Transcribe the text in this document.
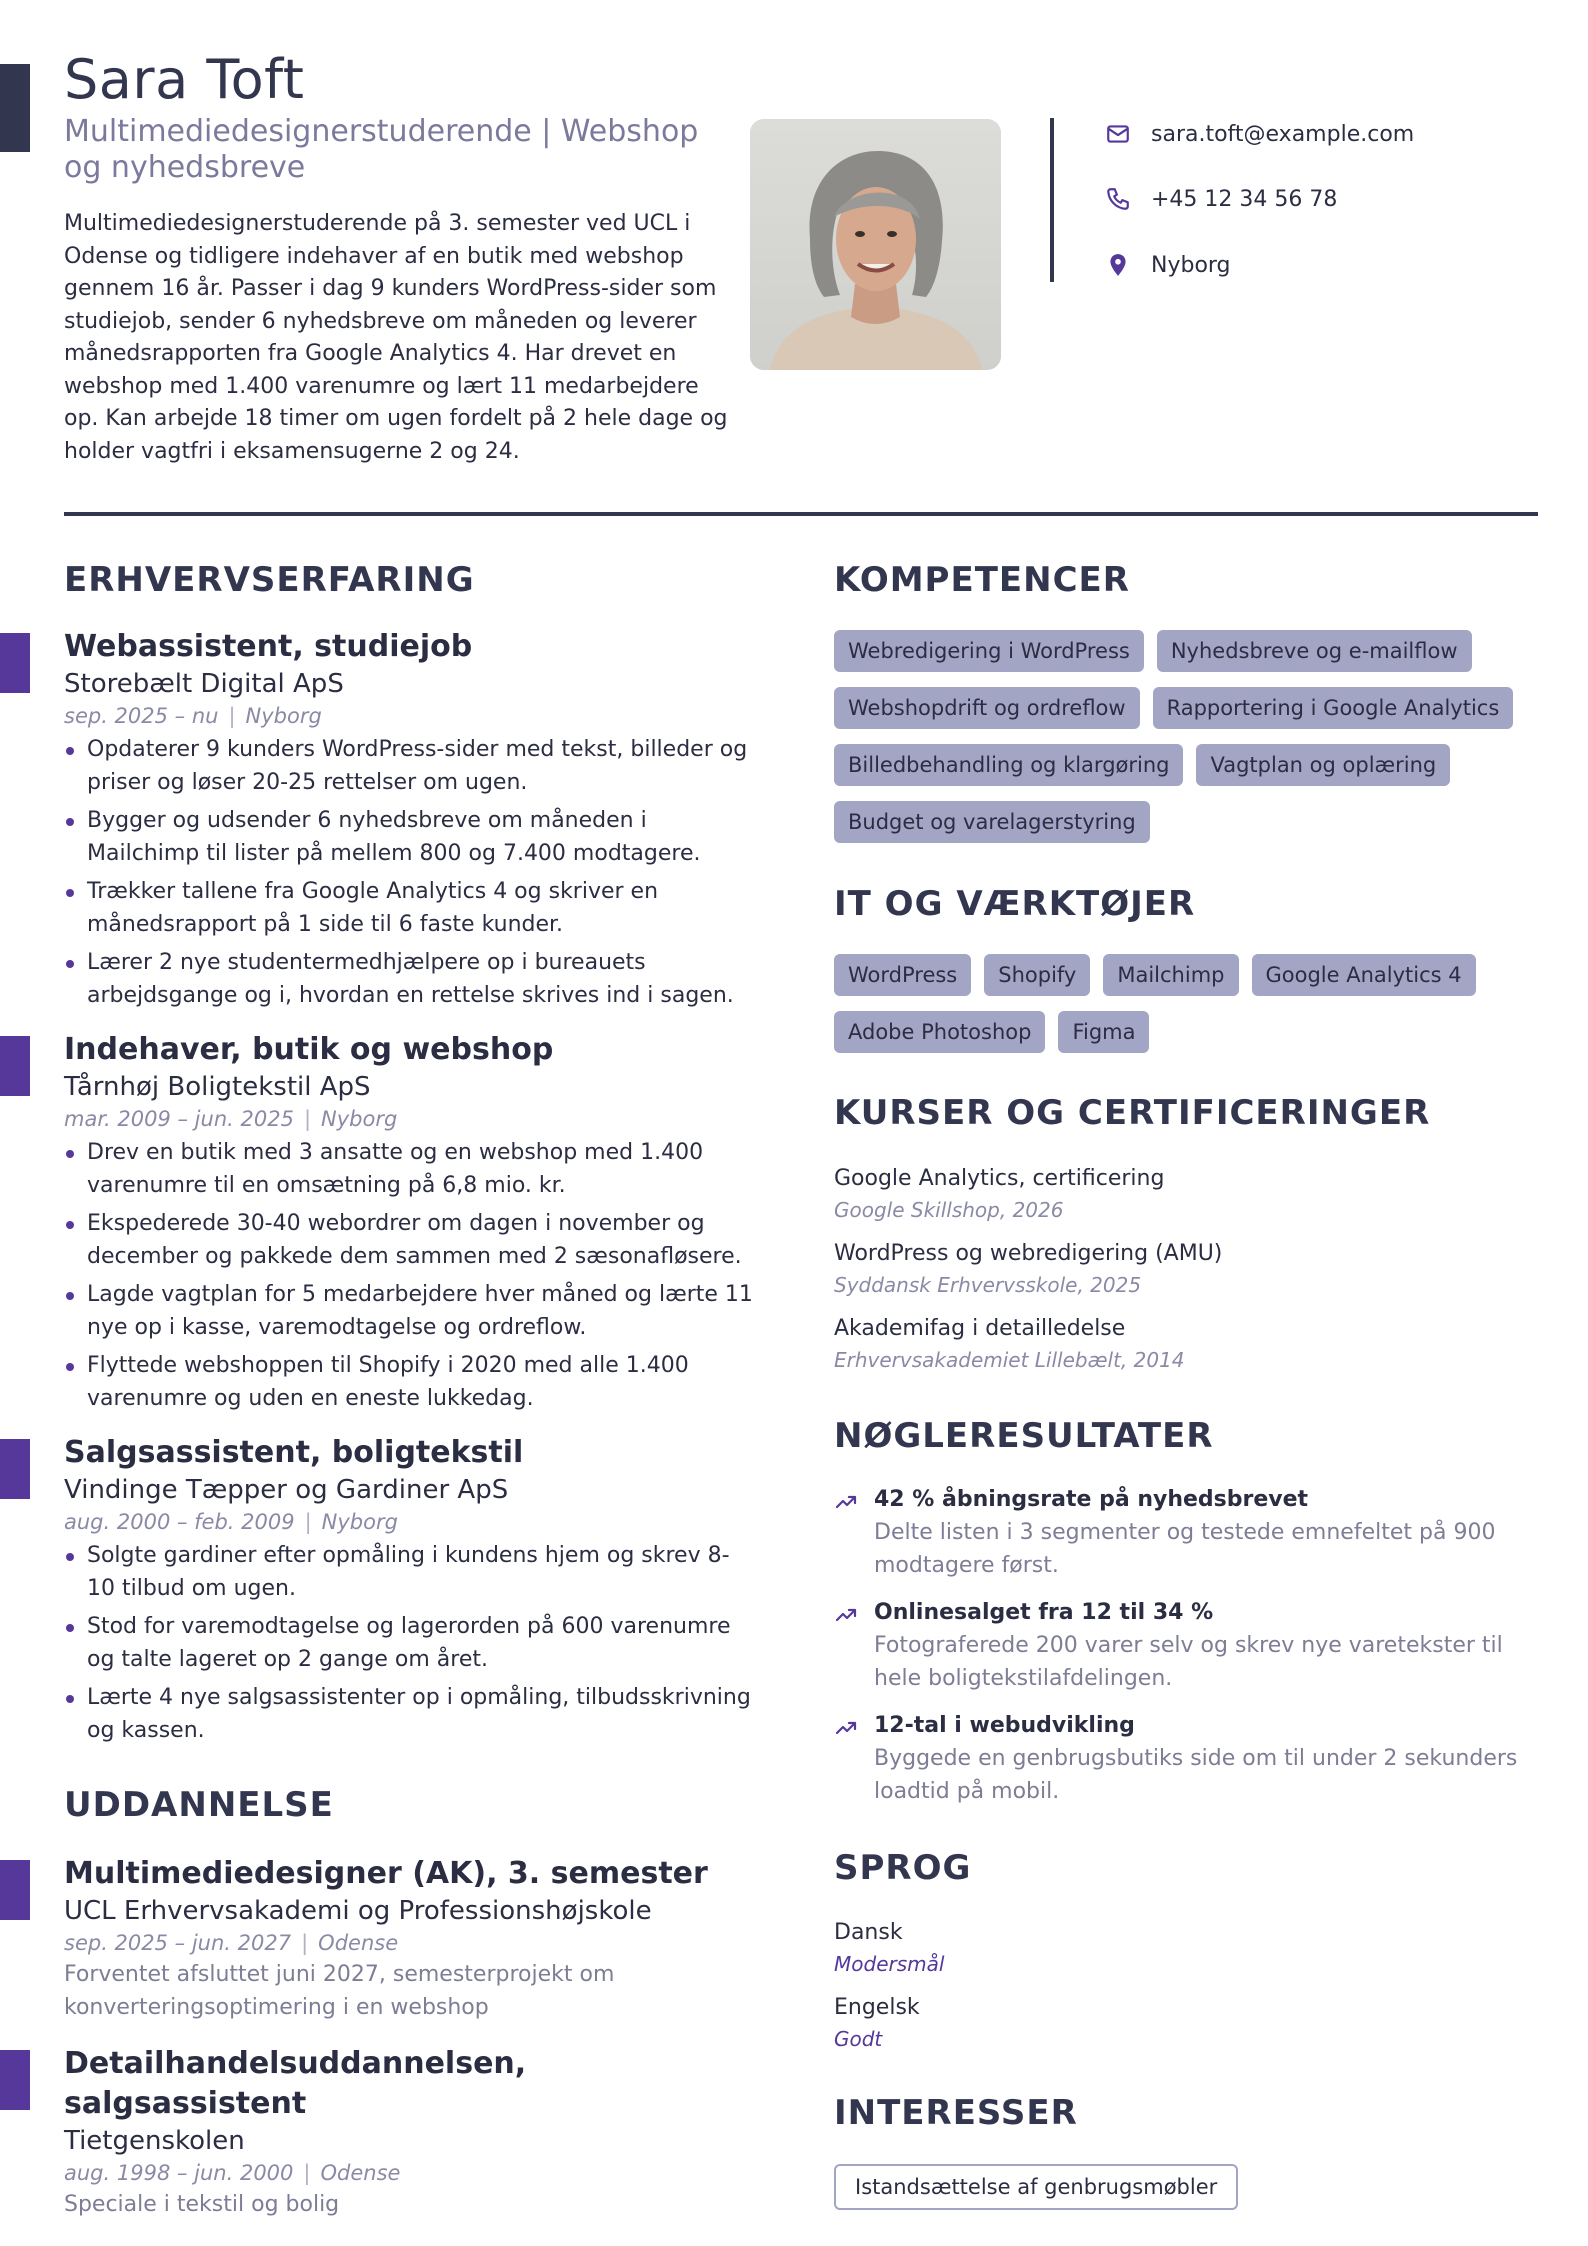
Sara Toft
Multimediedesignerstuderende | Webshop og nyhedsbreve

Multimediedesignerstuderende på 3. semester ved UCL i Odense og tidligere indehaver af en butik med webshop gennem 16 år. Passer i dag 9 kunders WordPress-sider som studiejob, sender 6 nyhedsbreve om måneden og leverer månedsrapporten fra Google Analytics 4. Har drevet en webshop med 1.400 varenumre og lært 11 medarbejdere op. Kan arbejde 18 timer om ugen fordelt på 2 hele dage og holder vagtfri i eksamensugerne 2 og 24.

sara.toft@example.com
+45 12 34 56 78
Nyborg
ERHVERVSERFARING
Webassistent, studiejob
Storebælt Digital ApS
sep. 2025 – nu | Nyborg
Opdaterer 9 kunders WordPress-sider med tekst, billeder og priser og løser 20-25 rettelser om ugen.
Bygger og udsender 6 nyhedsbreve om måneden i Mailchimp til lister på mellem 800 og 7.400 modtagere.
Trækker tallene fra Google Analytics 4 og skriver en månedsrapport på 1 side til 6 faste kunder.
Lærer 2 nye studentermedhjælpere op i bureauets arbejdsgange og i, hvordan en rettelse skrives ind i sagen.
Indehaver, butik og webshop
Tårnhøj Boligtekstil ApS
mar. 2009 – jun. 2025 | Nyborg
Drev en butik med 3 ansatte og en webshop med 1.400 varenumre til en omsætning på 6,8 mio. kr.
Ekspederede 30-40 webordrer om dagen i november og december og pakkede dem sammen med 2 sæsonafløsere.
Lagde vagtplan for 5 medarbejdere hver måned og lærte 11 nye op i kasse, varemodtagelse og ordreflow.
Flyttede webshoppen til Shopify i 2020 med alle 1.400 varenumre og uden en eneste lukkedag.
Salgsassistent, boligtekstil
Vindinge Tæpper og Gardiner ApS
aug. 2000 – feb. 2009 | Nyborg
Solgte gardiner efter opmåling i kundens hjem og skrev 8-10 tilbud om ugen.
Stod for varemodtagelse og lagerorden på 600 varenumre og talte lageret op 2 gange om året.
Lærte 4 nye salgsassistenter op i opmåling, tilbudsskrivning og kassen.
UDDANNELSE
Multimediedesigner (AK), 3. semester
UCL Erhvervsakademi og Professionshøjskole
sep. 2025 – jun. 2027 | Odense
Forventet afsluttet juni 2027, semesterprojekt om konverteringsoptimering i en webshop
Detailhandelsuddannelsen, salgsassistent
Tietgenskolen
aug. 1998 – jun. 2000 | Odense
Speciale i tekstil og bolig
KOMPETENCER
Webredigering i WordPress	Nyhedsbreve og e-mailflow
Webshopdrift og ordreflow	Rapportering i Google Analytics
Billedbehandling og klargøring	Vagtplan og oplæring
Budget og varelagerstyring
IT OG VÆRKTØJER
WordPress	Shopify	Mailchimp	Google Analytics 4
Adobe Photoshop	Figma
KURSER OG CERTIFICERINGER
Google Analytics, certificering
Google Skillshop, 2026
WordPress og webredigering (AMU)
Syddansk Erhvervsskole, 2025
Akademifag i detailledelse
Erhvervsakademiet Lillebælt, 2014
NØGLERESULTATER
42 % åbningsrate på nyhedsbrevet
Delte listen i 3 segmenter og testede emnefeltet på 900 modtagere først.
Onlinesalget fra 12 til 34 %
Fotograferede 200 varer selv og skrev nye varetekster til hele boligtekstilafdelingen.
12-tal i webudvikling
Byggede en genbrugsbutiks side om til under 2 sekunders loadtid på mobil.
SPROG
Dansk
Modersmål
Engelsk
Godt
INTERESSER
Istandsættelse af genbrugsmøbler
